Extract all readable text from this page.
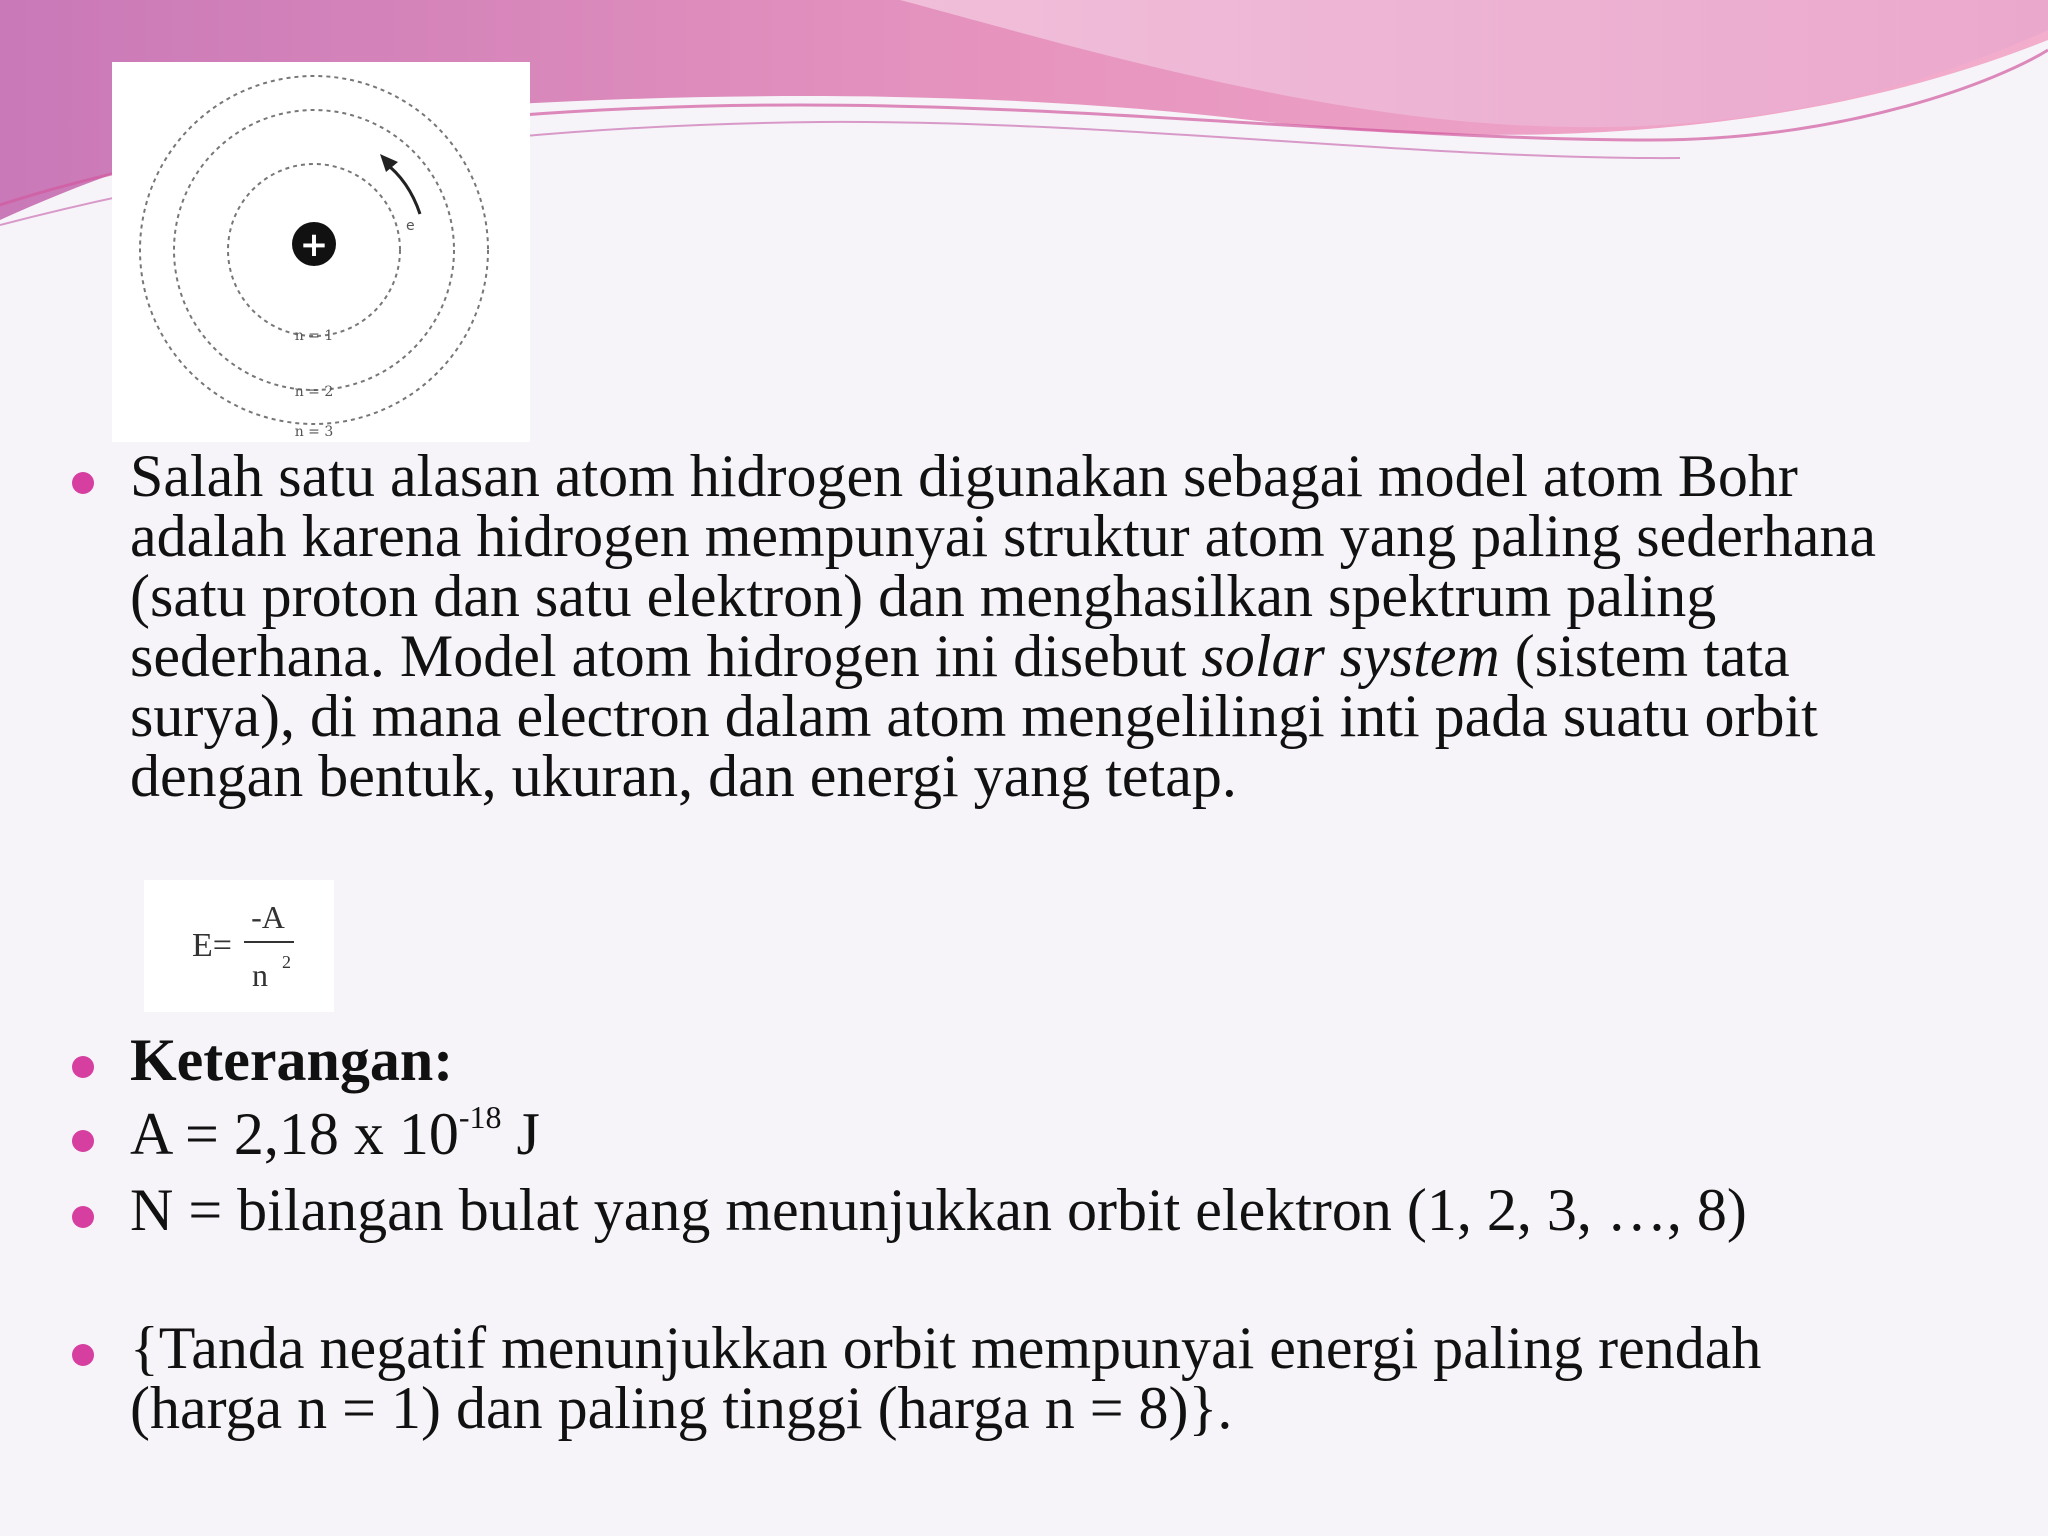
+	e
n = 1
n = 2
n = 3
E=
-A
n 2
Salah satu alasan atom hidrogen digunakan sebagai model atom Bohr adalah karena hidrogen mempunyai struktur atom yang paling sederhana (satu proton dan satu elektron) dan menghasilkan spektrum paling sederhana. Model atom hidrogen ini disebut solar system (sistem tata surya), di mana electron dalam atom mengelilingi inti pada suatu orbit dengan bentuk, ukuran, dan energi yang tetap.
Keterangan:
A = 2,18 x $10^{-18}$ J
N = bilangan bulat yang menunjukkan orbit elektron (1, 2, 3, …, 8)
{Tanda negatif menunjukkan orbit mempunyai energi paling rendah (harga n = 1) dan paling tinggi (harga n = 8)}.
